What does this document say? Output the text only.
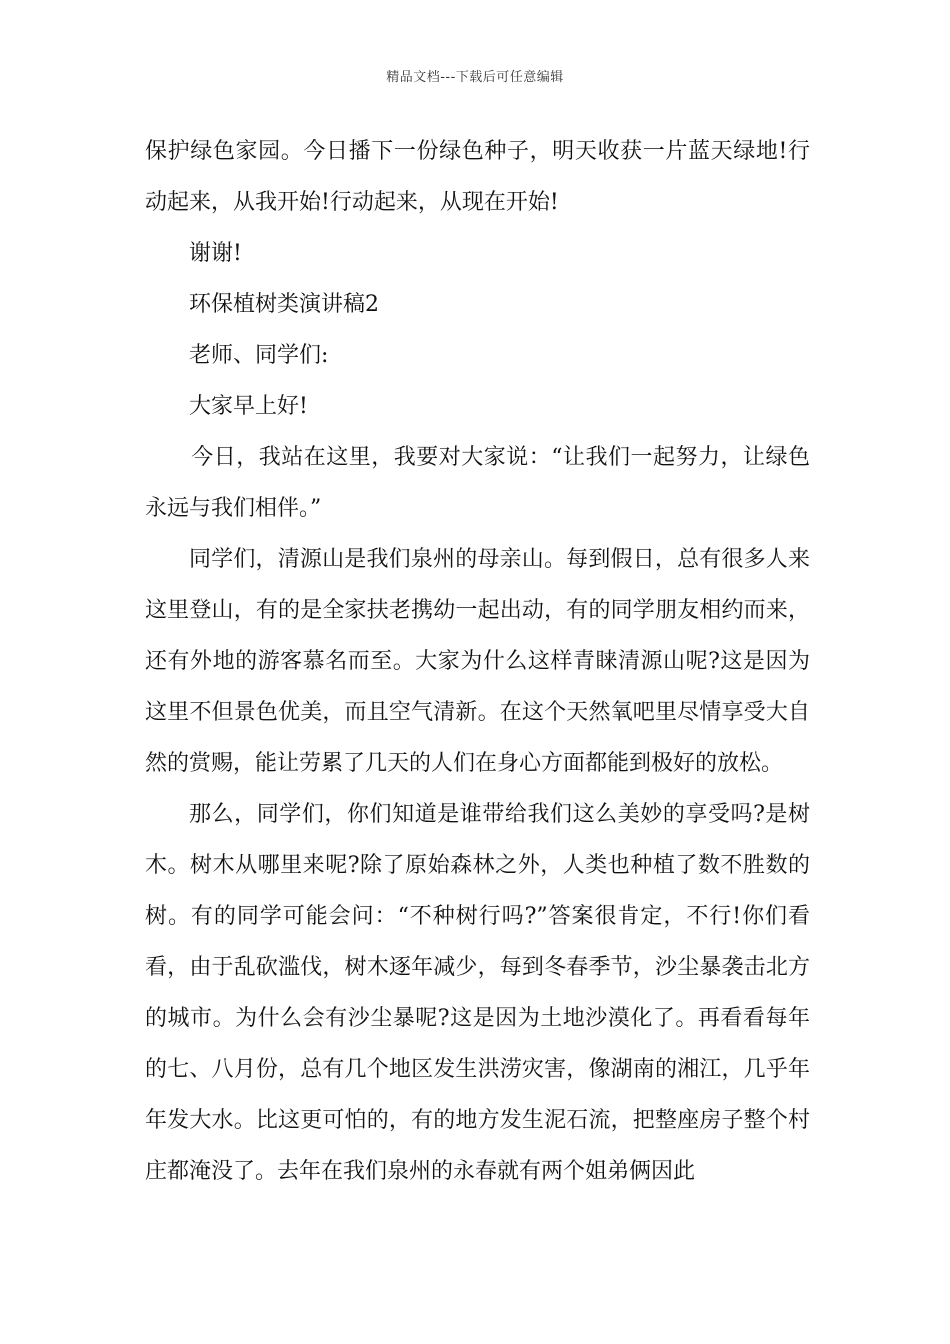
精品文档---下载后可任意编辑

保护绿色家园。今日播下一份绿色种子，明天收获一片蓝天绿地!行动起来，从我开始!行动起来，从现在开始!

谢谢!

环保植树类演讲稿2

老师、同学们:

大家早上好!

今日，我站在这里，我要对大家说：“让我们一起努力，让绿色永远与我们相伴。”

同学们，清源山是我们泉州的母亲山。每到假日，总有很多人来这里登山，有的是全家扶老携幼一起出动，有的同学朋友相约而来，还有外地的游客慕名而至。大家为什么这样青睐清源山呢?这是因为这里不但景色优美，而且空气清新。在这个天然氧吧里尽情享受大自然的赏赐，能让劳累了几天的人们在身心方面都能到极好的放松。

那么，同学们，你们知道是谁带给我们这么美妙的享受吗?是树木。树木从哪里来呢?除了原始森林之外，人类也种植了数不胜数的树。有的同学可能会问：“不种树行吗?”答案很肯定，不行!你们看看，由于乱砍滥伐，树木逐年减少，每到冬春季节，沙尘暴袭击北方的城市。为什么会有沙尘暴呢?这是因为土地沙漠化了。再看看每年的七、八月份，总有几个地区发生洪涝灾害，像湖南的湘江，几乎年年发大水。比这更可怕的，有的地方发生泥石流，把整座房子整个村庄都淹没了。去年在我们泉州的永春就有两个姐弟俩因此
